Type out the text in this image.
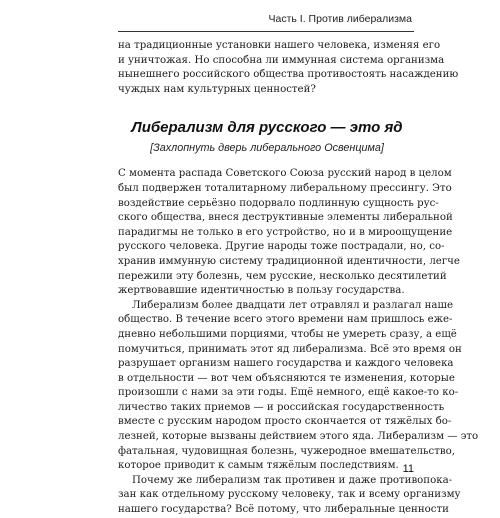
Часть I. Против либерализма
на традиционные установки нашего человека, изменяя его
и уничтожая. Но способна ли иммунная система организма
нынешнего российского общества противостоять насаждению
чуждых нам культурных ценностей?
Либерализм для русского — это яд
[Захлопнуть дверь либерального Освенцима]
С момента распада Советского Союза русский народ в целом
был подвержен тоталитарному либеральному прессингу. Это
воздействие серьёзно подорвало подлинную сущность рус-
ского общества, внеся деструктивные элементы либеральной
парадигмы не только в его устройство, но и в мироощущение
русского человека. Другие народы тоже пострадали, но, со-
хранив иммунную систему традиционной идентичности, легче
пережили эту болезнь, чем русские, несколько десятилетий
жертвовавшие идентичностью в пользу государства.
Либерализм более двадцати лет отравлял и разлагал наше
общество. В течение всего этого времени нам пришлось еже-
дневно небольшими порциями, чтобы не умереть сразу, а ещё
помучиться, принимать этот яд либерализма. Всё это время он
разрушает организм нашего государства и каждого человека
в отдельности — вот чем объясняются те изменения, которые
произошли с нами за эти годы. Ещё немного, ещё какое-то ко-
личество таких приемов — и российская государственность
вместе с русским народом просто скончается от тяжёлых бо-
лезней, которые вызваны действием этого яда. Либерализм — это
фатальная, чудовищная болезнь, чужеродное вмешательство,
которое приводит к самым тяжёлым последствиям.
Почему же либерализм так противен и даже противопока-
зан как отдельному русскому человеку, так и всему организму
нашего государства? Всё потому, что либеральные ценности
11
